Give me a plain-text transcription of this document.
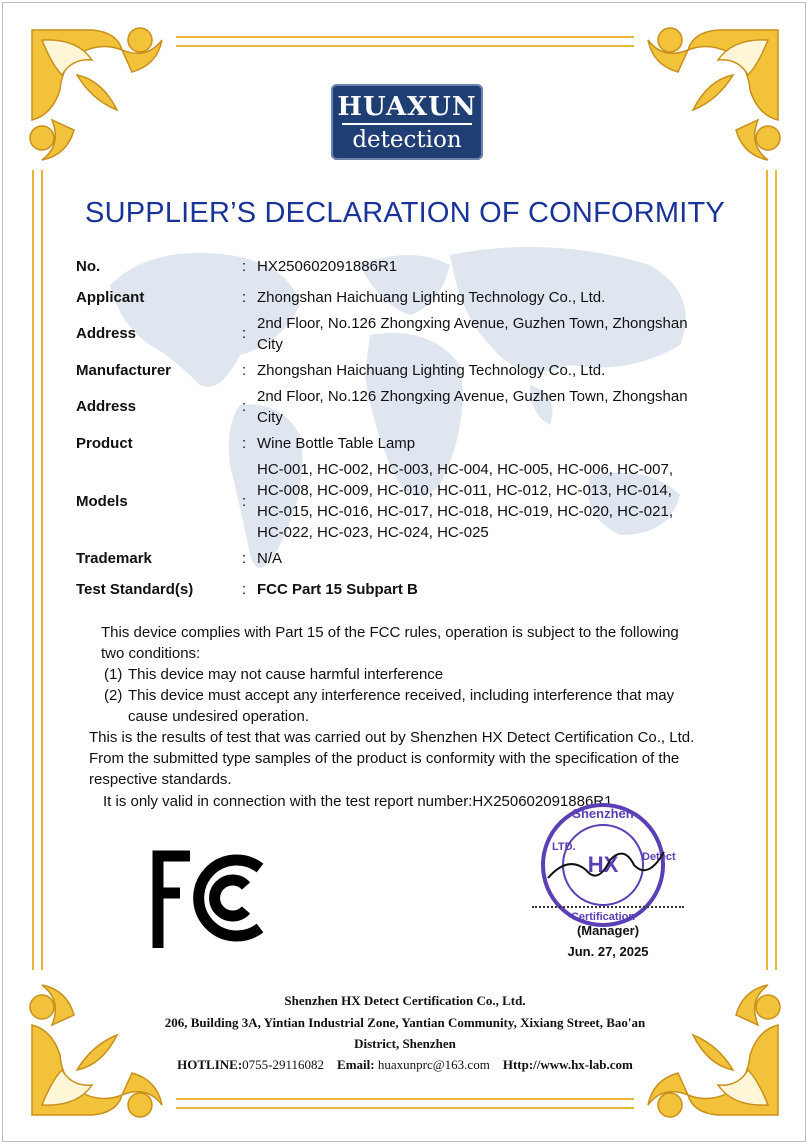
HUAXUN
detection
SUPPLIER’S DECLARATION OF CONFORMITY
No.	: HX250602091886R1
Applicant	: Zhongshan Haichuang Lighting Technology Co., Ltd.
Address	:
2nd Floor, No.126 Zhongxing Avenue, Guzhen Town, Zhongshan
City
Manufacturer	: Zhongshan Haichuang Lighting Technology Co., Ltd.
Address	:
2nd Floor, No.126 Zhongxing Avenue, Guzhen Town, Zhongshan
City
Product	: Wine Bottle Table Lamp
Models	:
HC-001, HC-002, HC-003, HC-004, HC-005, HC-006, HC-007,
HC-008, HC-009, HC-010, HC-011, HC-012, HC-013, HC-014,
HC-015, HC-016, HC-017, HC-018, HC-019, HC-020, HC-021,
HC-022, HC-023, HC-024, HC-025
Trademark	: N/A
Test Standard(s)	: FCC Part 15 Subpart B
This device complies with Part 15 of the FCC rules, operation is subject to the following
two conditions:
(1) This device may not cause harmful interference
(2) This device must accept any interference received, including interference that may
cause undesired operation.
This is the results of test that was carried out by Shenzhen HX Detect Certification Co., Ltd.
From the submitted type samples of the product is conformity with the specification of the
respective standards.
It is only valid in connection with the test report number:HX250602091886R1.
Shenzhen
HX
LTD.
Detect
Certification
(Manager)
Jun. 27, 2025
Shenzhen HX Detect Certification Co., Ltd.
206, Building 3A, Yintian Industrial Zone, Yantian Community, Xixiang Street, Bao'an
District, Shenzhen
HOTLINE:0755-29116082 Email: huaxunprc@163.com Http://www.hx-lab.com
